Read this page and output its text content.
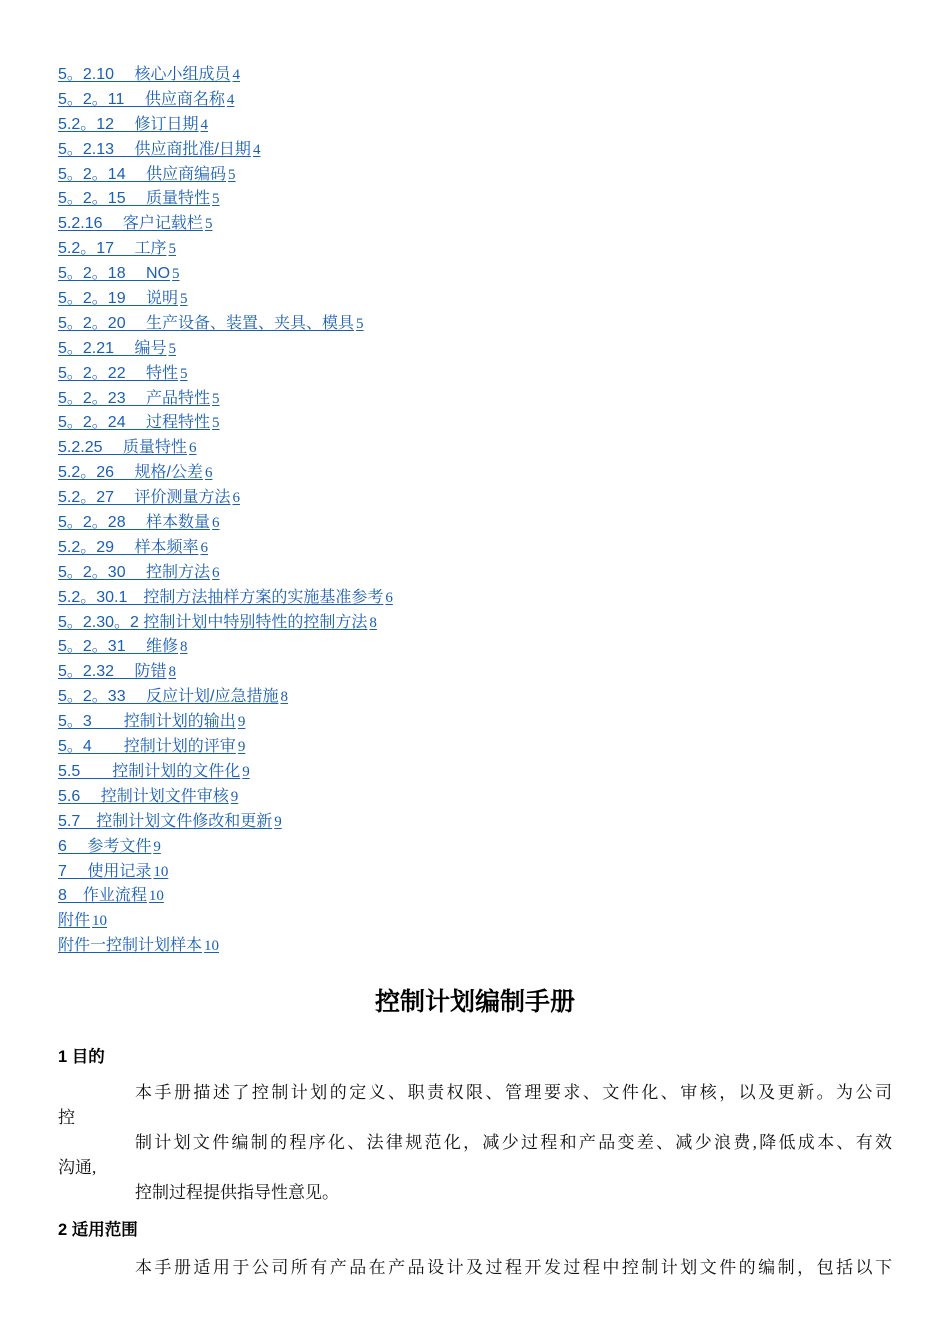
5。2.10　 核心小组成员 4
5。2。11　 供应商名称 4
5.2。12　 修订日期 4
5。2.13　 供应商批准/日期 4
5。2。14　 供应商编码 5
5。2。15　 质量特性 5
5.2.16　 客户记载栏 5
5.2。17　 工序 5
5。2。18　 NO 5
5。2。19　 说明 5
5。2。20　 生产设备、装置、夹具、模具 5
5。2.21　 编号 5
5。2。22　 特性 5
5。2。23　 产品特性 5
5。2。24　 过程特性 5
5.2.25　 质量特性 6
5.2。26　 规格/公差 6
5.2。27　 评价测量方法 6
5。2。28　 样本数量 6
5.2。29　 样本频率 6
5。2。30　 控制方法 6
5.2。30.1　控制方法抽样方案的实施基准参考 6
5。2.30。2 控制计划中特别特性的控制方法 8
5。2。31　 维修 8
5。2.32　 防错 8
5。2。33　 反应计划/应急措施 8
5。3　　控制计划的输出 9
5。4　　控制计划的评审 9
5.5　　控制计划的文件化 9
5.6　 控制计划文件审核 9
5.7　控制计划文件修改和更新 9
6　 参考文件 9
7　 使用记录 10
8　作业流程 10
附件 10
附件一控制计划样本 10
控制计划编制手册
1 目的

本手册描述了控制计划的定义、职责权限、管理要求、文件化、审核，以及更新。为公司

控

制计划文件编制的程序化、法律规范化，减少过程和产品变差、减少浪费,降低成本、有效

沟通,

控制过程提供指导性意见。

2 适用范围

本手册适用于公司所有产品在产品设计及过程开发过程中控制计划文件的编制，包括以下
